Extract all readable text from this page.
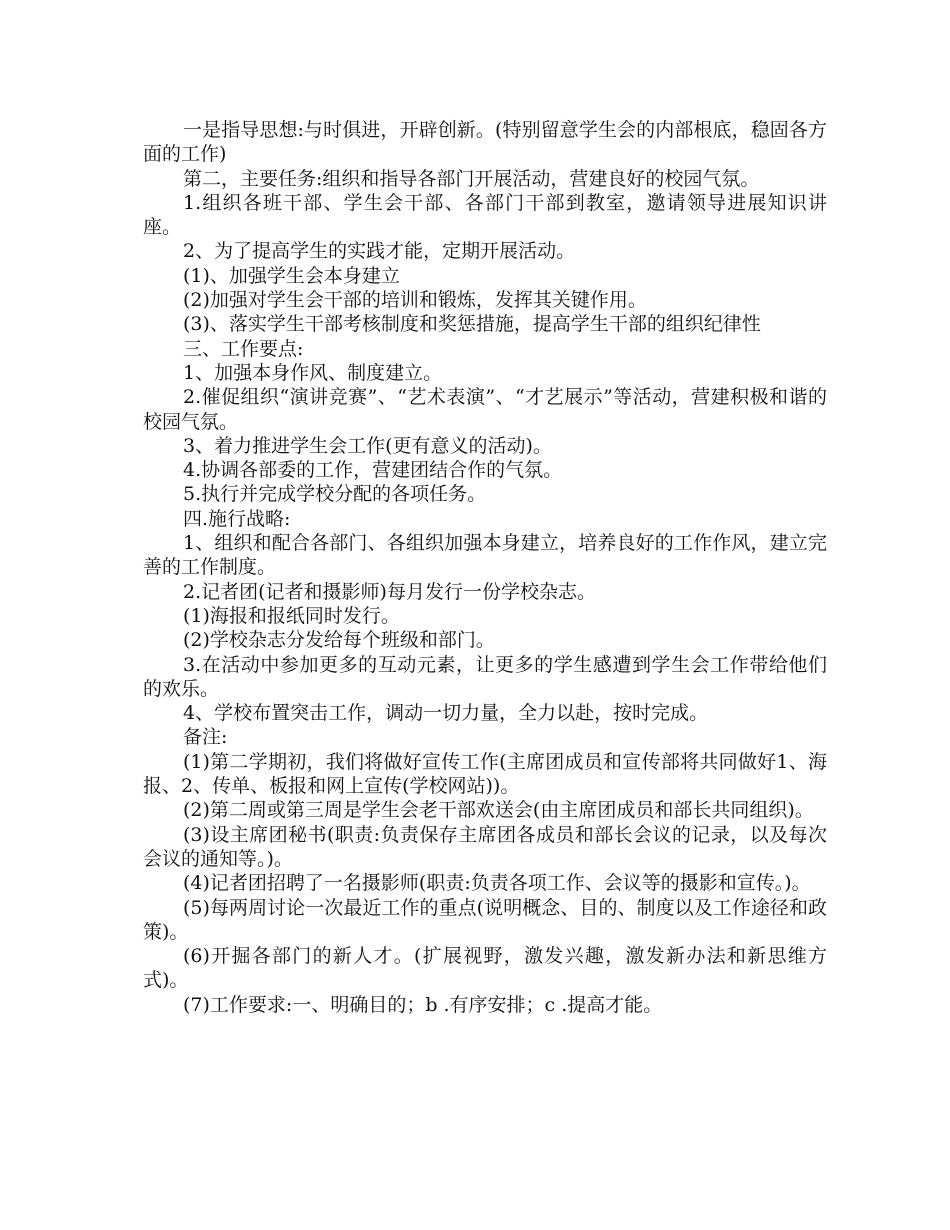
一是指导思想:与时俱进，开辟创新。(特别留意学生会的内部根底，稳固各方面的工作)

第二，主要任务:组织和指导各部门开展活动，营建良好的校园气氛。

1.组织各班干部、学生会干部、各部门干部到教室，邀请领导进展知识讲座。

2、为了提高学生的实践才能，定期开展活动。

(1)、加强学生会本身建立

(2)加强对学生会干部的培训和锻炼，发挥其关键作用。

(3)、落实学生干部考核制度和奖惩措施，提高学生干部的组织纪律性

三、工作要点:

1、加强本身作风、制度建立。

2.催促组织“演讲竞赛”、“艺术表演”、“才艺展示”等活动，营建积极和谐的校园气氛。

3、着力推进学生会工作(更有意义的活动)。

4.协调各部委的工作，营建团结合作的气氛。

5.执行并完成学校分配的各项任务。

四.施行战略:

1、组织和配合各部门、各组织加强本身建立，培养良好的工作作风，建立完善的工作制度。

2.记者团(记者和摄影师)每月发行一份学校杂志。

(1)海报和报纸同时发行。

(2)学校杂志分发给每个班级和部门。

3.在活动中参加更多的互动元素，让更多的学生感遭到学生会工作带给他们的欢乐。

4、学校布置突击工作，调动一切力量，全力以赴，按时完成。

备注:

(1)第二学期初，我们将做好宣传工作(主席团成员和宣传部将共同做好1、海报、2、传单、板报和网上宣传(学校网站))。

(2)第二周或第三周是学生会老干部欢送会(由主席团成员和部长共同组织)。

(3)设主席团秘书(职责:负责保存主席团各成员和部长会议的记录，以及每次会议的通知等。)。

(4)记者团招聘了一名摄影师(职责:负责各项工作、会议等的摄影和宣传。)。

(5)每两周讨论一次最近工作的重点(说明概念、目的、制度以及工作途径和政策)。

(6)开掘各部门的新人才。(扩展视野，激发兴趣，激发新办法和新思维方式)。

(7)工作要求:一、明确目的；b .有序安排；c .提高才能。
